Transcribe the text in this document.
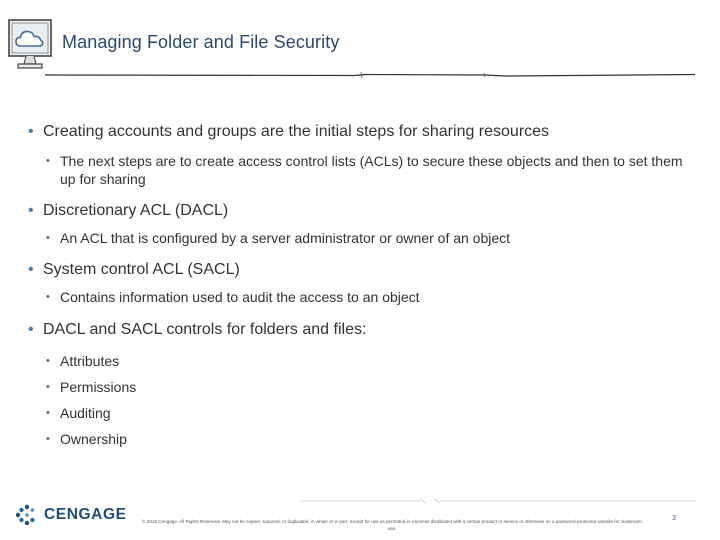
Managing Folder and File Security

• Creating accounts and groups are the initial steps for sharing resources

• The next steps are to create access control lists (ACLs) to secure these objects and then to set them up for sharing

• Discretionary ACL (DACL)

• An ACL that is configured by a server administrator or owner of an object

• System control ACL (SACL)

• Contains information used to audit the access to an object

• DACL and SACL controls for folders and files:

• Attributes

• Permissions

• Auditing

• Ownership

CENGAGE	© 2018 Cengage. All Rights Reserved. May not be copied, scanned, or duplicated, in whole or in part, except for use as permitted in a license distributed with a certain product or service or otherwise on a password-protected website for classroom use.
3
